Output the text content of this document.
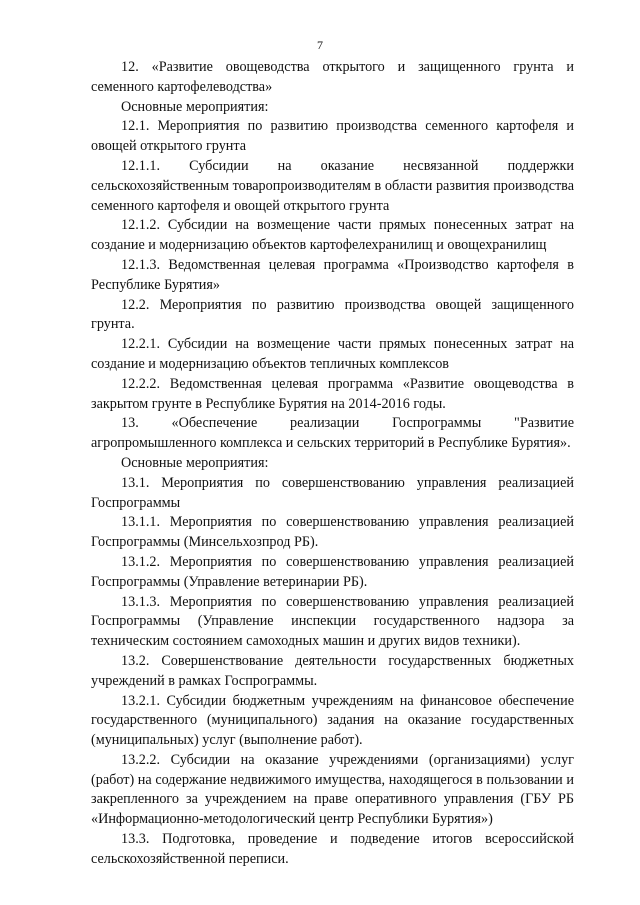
7

12. «Развитие овощеводства открытого и защищенного грунта и семенного картофелеводства»

Основные мероприятия:

12.1. Мероприятия по развитию производства семенного картофеля и овощей открытого грунта

12.1.1. Субсидии на оказание несвязанной поддержки сельскохозяйственным товаропроизводителям в области развития производства семенного картофеля и овощей открытого грунта

12.1.2. Субсидии на возмещение части прямых понесенных затрат на создание и модернизацию объектов картофелехранилищ и овощехранилищ

12.1.3. Ведомственная целевая программа «Производство картофеля в Республике Бурятия»

12.2. Мероприятия по развитию производства овощей защищенного грунта.

12.2.1. Субсидии на возмещение части прямых понесенных затрат на создание и модернизацию объектов тепличных комплексов

12.2.2. Ведомственная целевая программа «Развитие овощеводства в закрытом грунте в Республике Бурятия на 2014-2016 годы.

13. «Обеспечение реализации Госпрограммы "Развитие агропромышленного комплекса и сельских территорий в Республике Бурятия».

Основные мероприятия:

13.1. Мероприятия по совершенствованию управления реализацией Госпрограммы

13.1.1. Мероприятия по совершенствованию управления реализацией Госпрограммы (Минсельхозпрод РБ).

13.1.2. Мероприятия по совершенствованию управления реализацией Госпрограммы (Управление ветеринарии РБ).

13.1.3. Мероприятия по совершенствованию управления реализацией Госпрограммы (Управление инспекции государственного надзора за техническим состоянием самоходных машин и других видов техники).

13.2. Совершенствование деятельности государственных бюджетных учреждений в рамках Госпрограммы.

13.2.1. Субсидии бюджетным учреждениям на финансовое обеспечение государственного (муниципального) задания на оказание государственных (муниципальных) услуг (выполнение работ).

13.2.2. Субсидии на оказание учреждениями (организациями) услуг (работ) на содержание недвижимого имущества, находящегося в пользовании и закрепленного за учреждением на праве оперативного управления (ГБУ РБ «Информационно-методологический центр Республики Бурятия»)

13.3. Подготовка, проведение и подведение итогов всероссийской сельскохозяйственной переписи.
